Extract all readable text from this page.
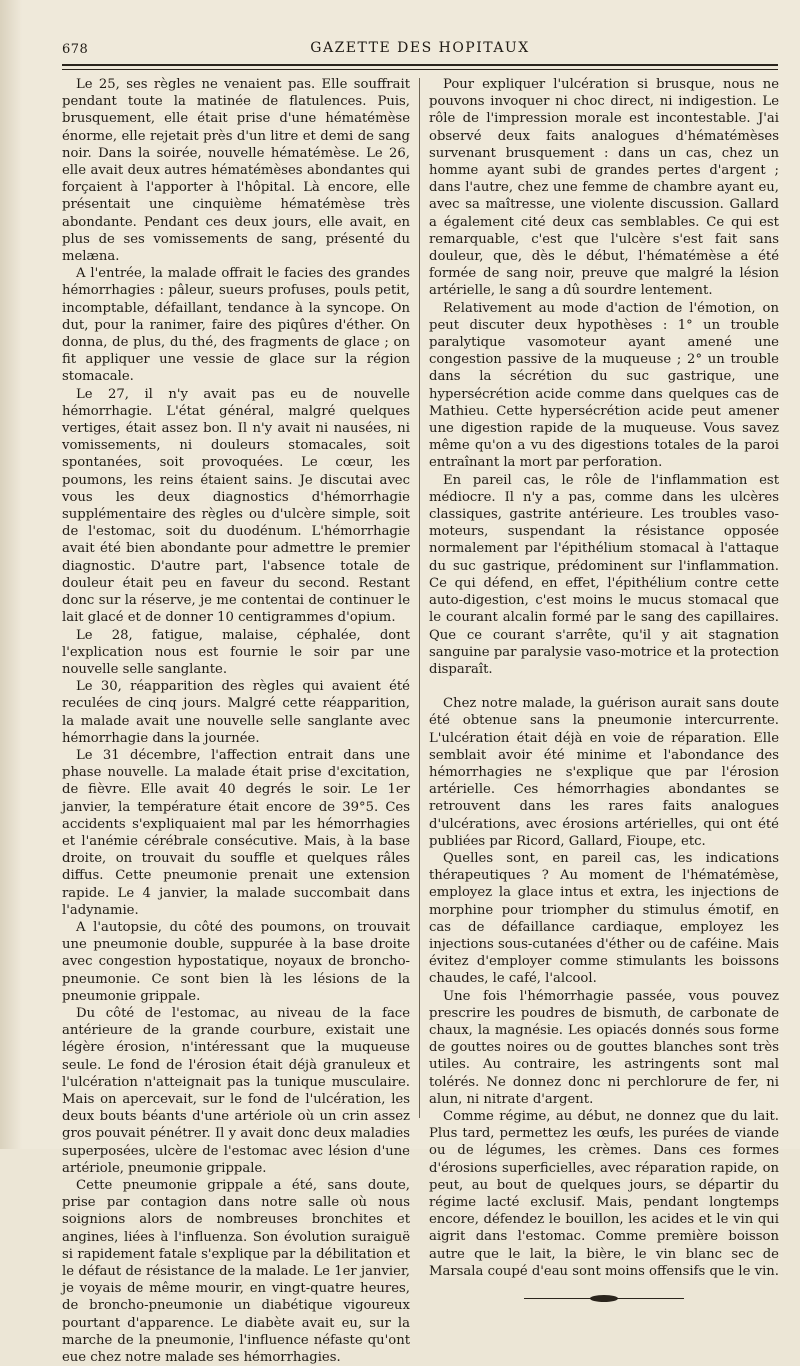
678	GAZETTE DES HOPITAUX

Le 25, ses règles ne venaient pas. Elle souffrait pendant toute la matinée de flatulences. Puis, brusquement, elle était prise d'une hématémèse énorme, elle rejetait près d'un litre et demi de sang noir. Dans la soirée, nouvelle hématémèse. Le 26, elle avait deux autres hématémèses abondantes qui forçaient à l'apporter à l'hôpital. Là encore, elle présentait une cinquième hématémèse très abondante. Pendant ces deux jours, elle avait, en plus de ses vomissements de sang, présenté du melæna.

A l'entrée, la malade offrait le facies des grandes hémorrhagies : pâleur, sueurs profuses, pouls petit, incomptable, défaillant, tendance à la syncope. On dut, pour la ranimer, faire des piqûres d'éther. On donna, de plus, du thé, des fragments de glace ; on fit appliquer une vessie de glace sur la région stomacale.

Le 27, il n'y avait pas eu de nouvelle hémorrhagie. L'état général, malgré quelques vertiges, était assez bon. Il n'y avait ni nausées, ni vomissements, ni douleurs stomacales, soit spontanées, soit provoquées. Le cœur, les poumons, les reins étaient sains. Je discutai avec vous les deux diagnostics d'hémorrhagie supplémentaire des règles ou d'ulcère simple, soit de l'estomac, soit du duodénum. L'hémorrhagie avait été bien abondante pour admettre le premier diagnostic. D'autre part, l'absence totale de douleur était peu en faveur du second. Restant donc sur la réserve, je me contentai de continuer le lait glacé et de donner 10 centigrammes d'opium.

Le 28, fatigue, malaise, céphalée, dont l'explication nous est fournie le soir par une nouvelle selle sanglante.

Le 30, réapparition des règles qui avaient été reculées de cinq jours. Malgré cette réapparition, la malade avait une nouvelle selle sanglante avec hémorrhagie dans la journée.

Le 31 décembre, l'affection entrait dans une phase nouvelle. La malade était prise d'excitation, de fièvre. Elle avait 40 degrés le soir. Le 1er janvier, la température était encore de 39°5. Ces accidents s'expliquaient mal par les hémorrhagies et l'anémie cérébrale consécutive. Mais, à la base droite, on trouvait du souffle et quelques râles diffus. Cette pneumonie prenait une extension rapide. Le 4 janvier, la malade succombait dans l'adynamie.

A l'autopsie, du côté des poumons, on trouvait une pneumonie double, suppurée à la base droite avec congestion hypostatique, noyaux de broncho-pneumonie. Ce sont bien là les lésions de la pneumonie grippale.

Du côté de l'estomac, au niveau de la face antérieure de la grande courbure, existait une légère érosion, n'intéressant que la muqueuse seule. Le fond de l'érosion était déjà granuleux et l'ulcération n'atteignait pas la tunique musculaire. Mais on apercevait, sur le fond de l'ulcération, les deux bouts béants d'une artériole où un crin assez gros pouvait pénétrer. Il y avait donc deux maladies superposées, ulcère de l'estomac avec lésion d'une artériole, pneumonie grippale.

Cette pneumonie grippale a été, sans doute, prise par contagion dans notre salle où nous soignions alors de nombreuses bronchites et angines, liées à l'influenza. Son évolution suraiguë si rapidement fatale s'explique par la débilitation et le défaut de résistance de la malade. Le 1er janvier, je voyais de même mourir, en vingt-quatre heures, de broncho-pneumonie un diabétique vigoureux pourtant d'apparence. Le diabète avait eu, sur la marche de la pneumonie, l'influence néfaste qu'ont eue chez notre malade ses hémorrhagies.

Pour expliquer l'ulcération si brusque, nous ne pouvons invoquer ni choc direct, ni indigestion. Le rôle de l'impression morale est incontestable. J'ai observé deux faits analogues d'hématémèses survenant brusquement : dans un cas, chez un homme ayant subi de grandes pertes d'argent ; dans l'autre, chez une femme de chambre ayant eu, avec sa maîtresse, une violente discussion. Gallard a également cité deux cas semblables. Ce qui est remarquable, c'est que l'ulcère s'est fait sans douleur, que, dès le début, l'hématémèse a été formée de sang noir, preuve que malgré la lésion artérielle, le sang a dû sourdre lentement.

Relativement au mode d'action de l'émotion, on peut discuter deux hypothèses : 1° un trouble paralytique vasomoteur ayant amené une congestion passive de la muqueuse ; 2° un trouble dans la sécrétion du suc gastrique, une hypersécrétion acide comme dans quelques cas de Mathieu. Cette hypersécrétion acide peut amener une digestion rapide de la muqueuse. Vous savez même qu'on a vu des digestions totales de la paroi entraînant la mort par perforation.

En pareil cas, le rôle de l'inflammation est médiocre. Il n'y a pas, comme dans les ulcères classiques, gastrite antérieure. Les troubles vaso-moteurs, suspendant la résistance opposée normalement par l'épithélium stomacal à l'attaque du suc gastrique, prédominent sur l'inflammation. Ce qui défend, en effet, l'épithélium contre cette auto-digestion, c'est moins le mucus stomacal que le courant alcalin formé par le sang des capillaires. Que ce courant s'arrête, qu'il y ait stagnation sanguine par paralysie vaso-motrice et la protection disparaît.

Chez notre malade, la guérison aurait sans doute été obtenue sans la pneumonie intercurrente. L'ulcération était déjà en voie de réparation. Elle semblait avoir été minime et l'abondance des hémorrhagies ne s'explique que par l'érosion artérielle. Ces hémorrhagies abondantes se retrouvent dans les rares faits analogues d'ulcérations, avec érosions artérielles, qui ont été publiées par Ricord, Gallard, Fioupe, etc.

Quelles sont, en pareil cas, les indications thérapeutiques ? Au moment de l'hématémèse, employez la glace intus et extra, les injections de morphine pour triompher du stimulus émotif, en cas de défaillance cardiaque, employez les injections sous-cutanées d'éther ou de caféine. Mais évitez d'employer comme stimulants les boissons chaudes, le café, l'alcool.

Une fois l'hémorrhagie passée, vous pouvez prescrire les poudres de bismuth, de carbonate de chaux, la magnésie. Les opiacés donnés sous forme de gouttes noires ou de gouttes blanches sont très utiles. Au contraire, les astringents sont mal tolérés. Ne donnez donc ni perchlorure de fer, ni alun, ni nitrate d'argent.

Comme régime, au début, ne donnez que du lait. Plus tard, permettez les œufs, les purées de viande ou de légumes, les crèmes. Dans ces formes d'érosions superficielles, avec réparation rapide, on peut, au bout de quelques jours, se départir du régime lacté exclusif. Mais, pendant longtemps encore, défendez le bouillon, les acides et le vin qui aigrit dans l'estomac. Comme première boisson autre que le lait, la bière, le vin blanc sec de Marsala coupé d'eau sont moins offensifs que le vin.
